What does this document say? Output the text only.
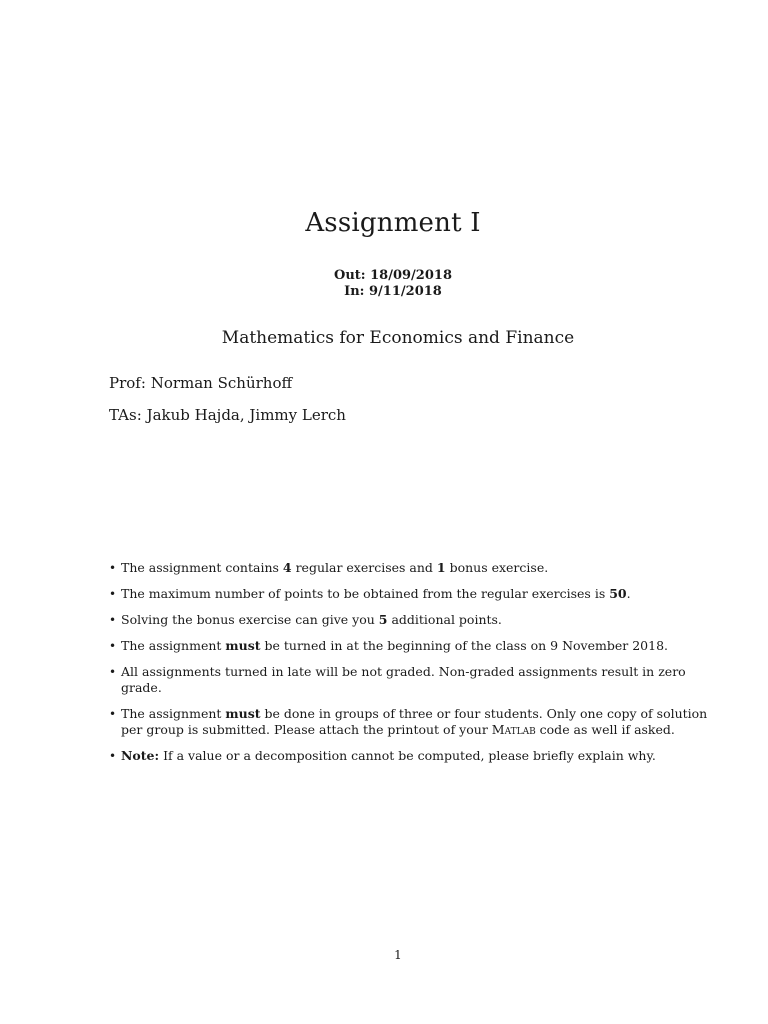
Assignment I
Out: 18/09/2018
In: 9/11/2018
Mathematics for Economics and Finance
Prof: Norman Schürhoff
TAs: Jakub Hajda, Jimmy Lerch
• The assignment contains 4 regular exercises and 1 bonus exercise.
• The maximum number of points to be obtained from the regular exercises is 50.
• Solving the bonus exercise can give you 5 additional points.
• The assignment must be turned in at the beginning of the class on 9 November 2018.
• All assignments turned in late will be not graded. Non-graded assignments result in zero grade.
• The assignment must be done in groups of three or four students. Only one copy of solution per group is submitted. Please attach the printout of your Matlab code as well if asked.
• Note: If a value or a decomposition cannot be computed, please briefly explain why.
1
